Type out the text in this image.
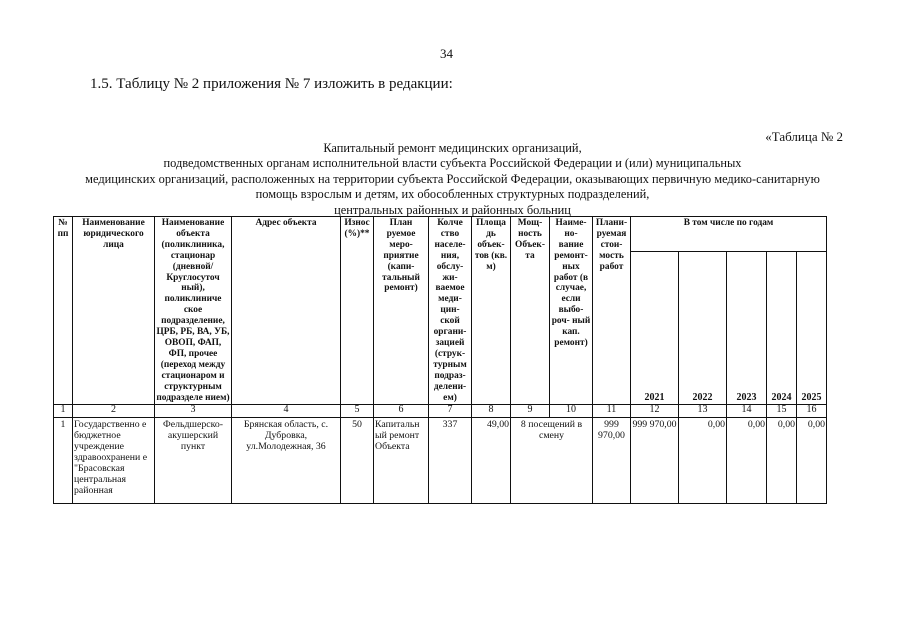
34
1.5. Таблицу № 2 приложения № 7 изложить в редакции:
«Таблица № 2
Капитальный ремонт медицинских организаций,
подведомственных органам исполнительной власти субъекта Российской Федерации и (или) муниципальных
медицинских организаций, расположенных на территории субъекта Российской Федерации, оказывающих первичную медико-санитарную
помощь взрослым и детям, их обособленных структурных подразделений,
центральных районных и районных больниц
№ пп	Наименование юридического лица	Наименование объекта (поликлиника, стационар (дневной/ Круглосуточ ный), поликлиниче ское подразделение, ЦРБ, РБ, ВА, УБ, ОВОП, ФАП, ФП, прочее (переход между стационаром и структурным подразделе нием)	Адрес объекта	Износ (%)**	План руемое меро- приятие (капи- тальный ремонт)	Колче ство населе- ния, обслу- жи- ваемое меди- цин- ской органи- зацией (струк- турным подраз- делени- ем)	Площа дь объек- тов (кв. м)	Мощ- ность Объек- та	Наиме- но- вание ремонт- ных работ (в случае, если выбо- роч- ный кап. ремонт)	Плани- руемая стои- мость работ	В том числе по годам				
											2021	2022	2023	2024	2025
1	2	3	4	5	6	7	8	9	10	11	12	13	14	15	16
1	Государственно е бюджетное учреждение здравоохранени е "Брасовская центральная районная	Фельдшерско- акушерский пункт	Брянская область, с. Дубровка, ул.Молодежная, 36	50	Капитальн ый ремонт Объекта	337	49,00	8 посещений в смену		999 970,00	999 970,00	0,00	0,00	0,00	0,00
